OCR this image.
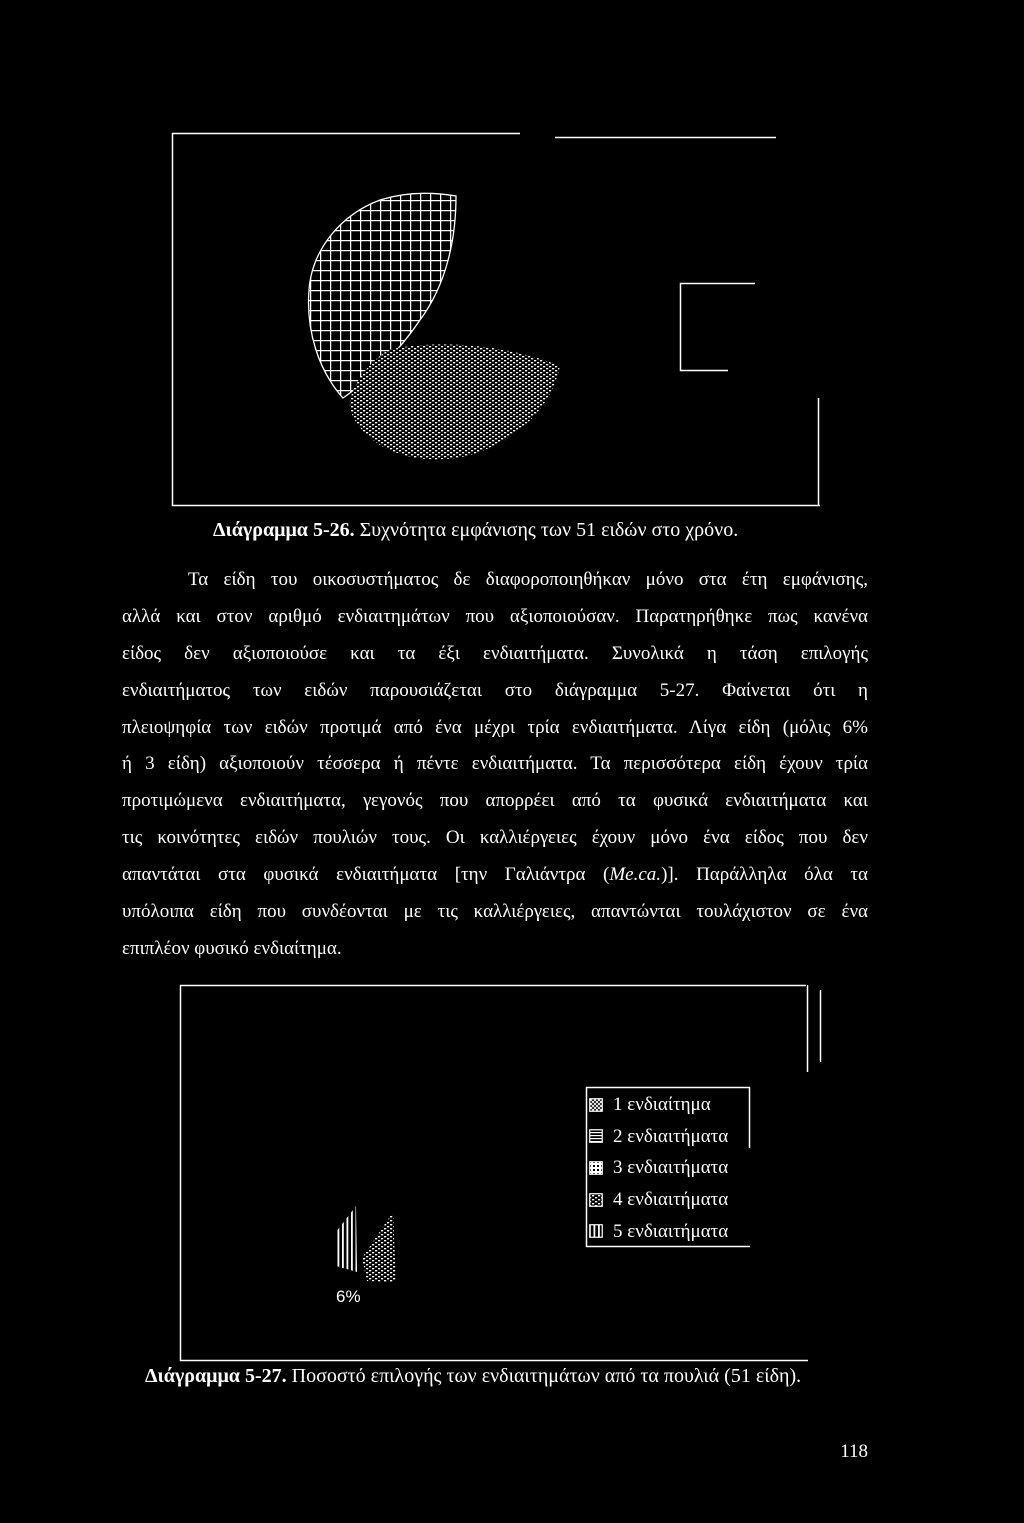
Διάγραμμα 5-26. Συχνότητα εμφάνισης των 51 ειδών στο χρόνο.
Τα είδη του οικοσυστήματος δε διαφοροποιηθήκαν μόνο στα έτη εμφάνισης,
αλλά και στον αριθμό ενδιαιτημάτων που αξιοποιούσαν. Παρατηρήθηκε πως κανένα
είδος δεν αξιοποιούσε και τα έξι ενδιαιτήματα. Συνολικά η τάση επιλογής
ενδιαιτήματος των ειδών παρουσιάζεται στο διάγραμμα 5-27. Φαίνεται ότι η
πλειοψηφία των ειδών προτιμά από ένα μέχρι τρία ενδιαιτήματα. Λίγα είδη (μόλις 6%
ή 3 είδη) αξιοποιούν τέσσερα ή πέντε ενδιαιτήματα. Τα περισσότερα είδη έχουν τρία
προτιμώμενα ενδιαιτήματα, γεγονός που απορρέει από τα φυσικά ενδιαιτήματα και
τις κοινότητες ειδών πουλιών τους. Οι καλλιέργειες έχουν μόνο ένα είδος που δεν
απαντάται στα φυσικά ενδιαιτήματα [την Γαλιάντρα (Me.ca.)]. Παράλληλα όλα τα
υπόλοιπα είδη που συνδέονται με τις καλλιέργειες, απαντώνται τουλάχιστον σε ένα
επιπλέον φυσικό ενδιαίτημα.
1 ενδιαίτημα
2 ενδιαιτήματα
3 ενδιαιτήματα
4 ενδιαιτήματα
5 ενδιαιτήματα
6%
Διάγραμμα 5-27. Ποσοστό επιλογής των ενδιαιτημάτων από τα πουλιά (51 είδη).
118
